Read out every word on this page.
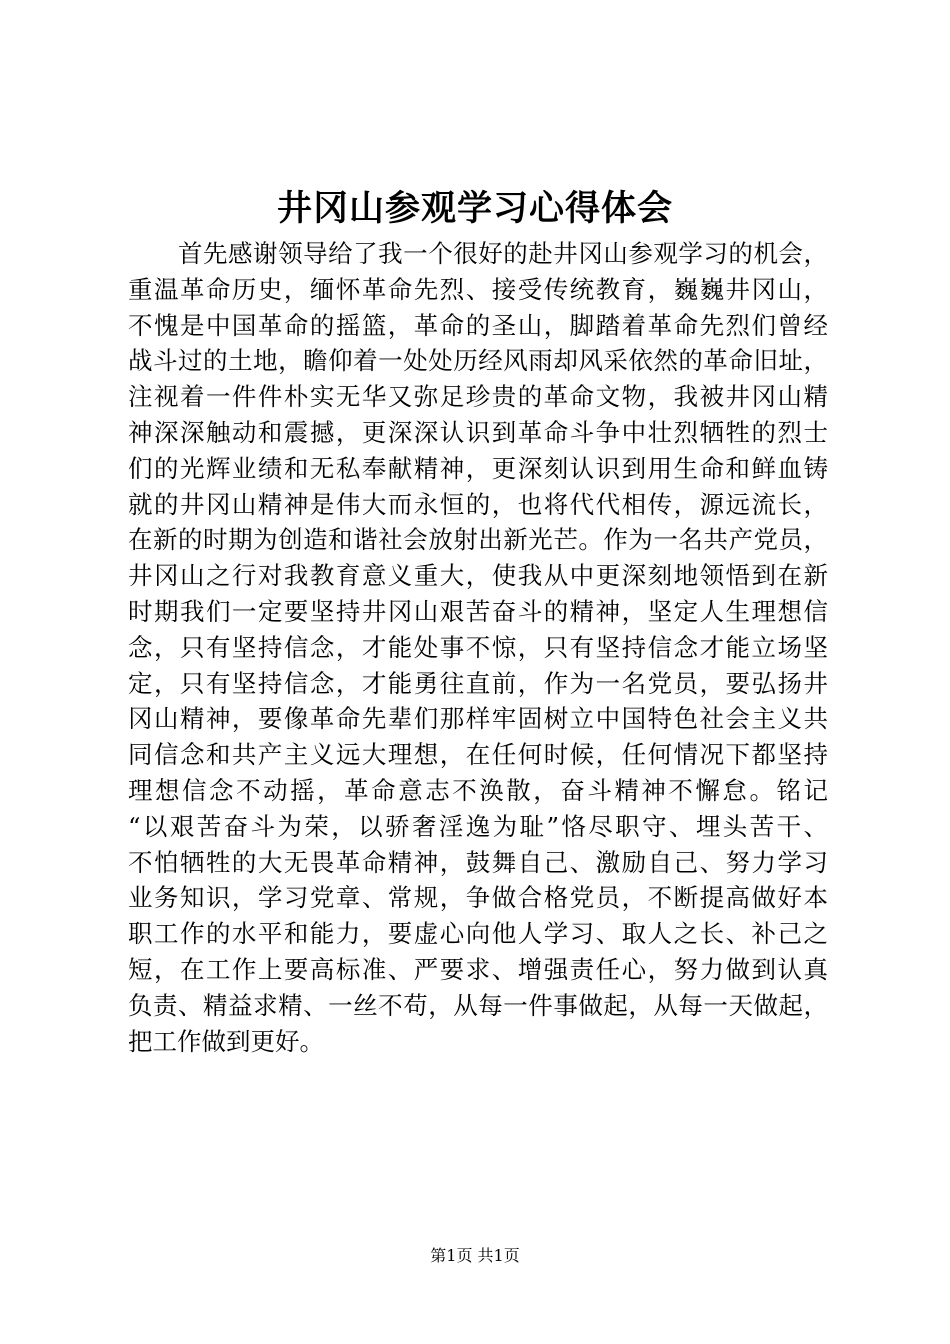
井冈山参观学习心得体会
首先感谢领导给了我一个很好的赴井冈山参观学习的机会，
重温革命历史，缅怀革命先烈、接受传统教育，巍巍井冈山，
不愧是中国革命的摇篮，革命的圣山，脚踏着革命先烈们曾经
战斗过的土地，瞻仰着一处处历经风雨却风采依然的革命旧址，
注视着一件件朴实无华又弥足珍贵的革命文物，我被井冈山精
神深深触动和震撼，更深深认识到革命斗争中壮烈牺牲的烈士
们的光辉业绩和无私奉献精神，更深刻认识到用生命和鲜血铸
就的井冈山精神是伟大而永恒的，也将代代相传，源远流长，
在新的时期为创造和谐社会放射出新光芒。作为一名共产党员，
井冈山之行对我教育意义重大，使我从中更深刻地领悟到在新
时期我们一定要坚持井冈山艰苦奋斗的精神，坚定人生理想信
念，只有坚持信念，才能处事不惊，只有坚持信念才能立场坚
定，只有坚持信念，才能勇往直前，作为一名党员，要弘扬井
冈山精神，要像革命先辈们那样牢固树立中国特色社会主义共
同信念和共产主义远大理想，在任何时候，任何情况下都坚持
理想信念不动摇，革命意志不涣散，奋斗精神不懈怠。铭记
“以艰苦奋斗为荣，以骄奢淫逸为耻”恪尽职守、埋头苦干、
不怕牺牲的大无畏革命精神，鼓舞自己、激励自己、努力学习
业务知识，学习党章、常规，争做合格党员，不断提高做好本
职工作的水平和能力，要虚心向他人学习、取人之长、补己之
短，在工作上要高标准、严要求、增强责任心，努力做到认真
负责、精益求精、一丝不苟，从每一件事做起，从每一天做起，
把工作做到更好。
第1页 共1页
